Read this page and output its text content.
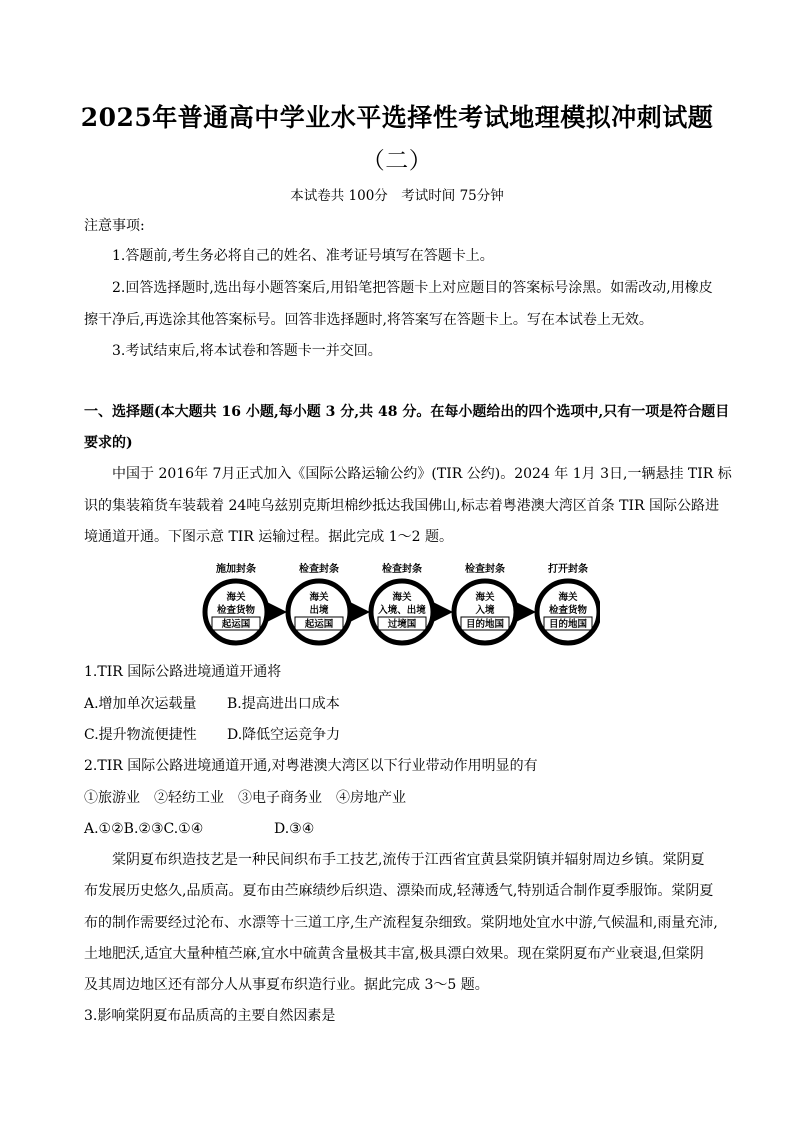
2025年普通高中学业水平选择性考试地理模拟冲刺试题
（二）
本试卷共 100分　考试时间 75分钟
注意事项:
1.答题前,考生务必将自己的姓名、准考证号填写在答题卡上。
2.回答选择题时,选出每小题答案后,用铅笔把答题卡上对应题目的答案标号涂黑。如需改动,用橡皮
擦干净后,再选涂其他答案标号。回答非选择题时,将答案写在答题卡上。写在本试卷上无效。
3.考试结束后,将本试卷和答题卡一并交回。
一、选择题(本大题共 16 小题,每小题 3 分,共 48 分。在每小题给出的四个选项中,只有一项是符合题目
要求的)
中国于 2016年 7月正式加入《国际公路运输公约》(TIR 公约)。2024 年 1月 3日,一辆悬挂 TIR 标
识的集装箱货车装载着 24吨乌兹别克斯坦棉纱抵达我国佛山,标志着粤港澳大湾区首条 TIR 国际公路进
境通道开通。下图示意 TIR 运输过程。据此完成 1～2 题。
施加封条
海关
检查货物
起运国
检查封条
海关
出境
起运国
检查封条
海关
入境、出境
过境国
检查封条
海关
入境
目的地国
打开封条
海关
检查货物
目的地国
1.TIR 国际公路进境通道开通将
A.增加单次运载量 B.提高进出口成本
C.提升物流便捷性 D.降低空运竞争力
2.TIR 国际公路进境通道开通,对粤港澳大湾区以下行业带动作用明显的有
①旅游业　②轻纺工业　③电子商务业　④房地产业
A.①②B.②③C.①④	D.③④
棠阴夏布织造技艺是一种民间织布手工技艺,流传于江西省宜黄县棠阴镇并辐射周边乡镇。棠阴夏
布发展历史悠久,品质高。夏布由苎麻绩纱后织造、漂染而成,轻薄透气,特别适合制作夏季服饰。棠阴夏
布的制作需要经过沦布、水漂等十三道工序,生产流程复杂细致。棠阴地处宜水中游,气候温和,雨量充沛,
土地肥沃,适宜大量种植苎麻,宜水中硫黄含量极其丰富,极具漂白效果。现在棠阴夏布产业衰退,但棠阴
及其周边地区还有部分人从事夏布织造行业。据此完成 3～5 题。
3.影响棠阴夏布品质高的主要自然因素是
